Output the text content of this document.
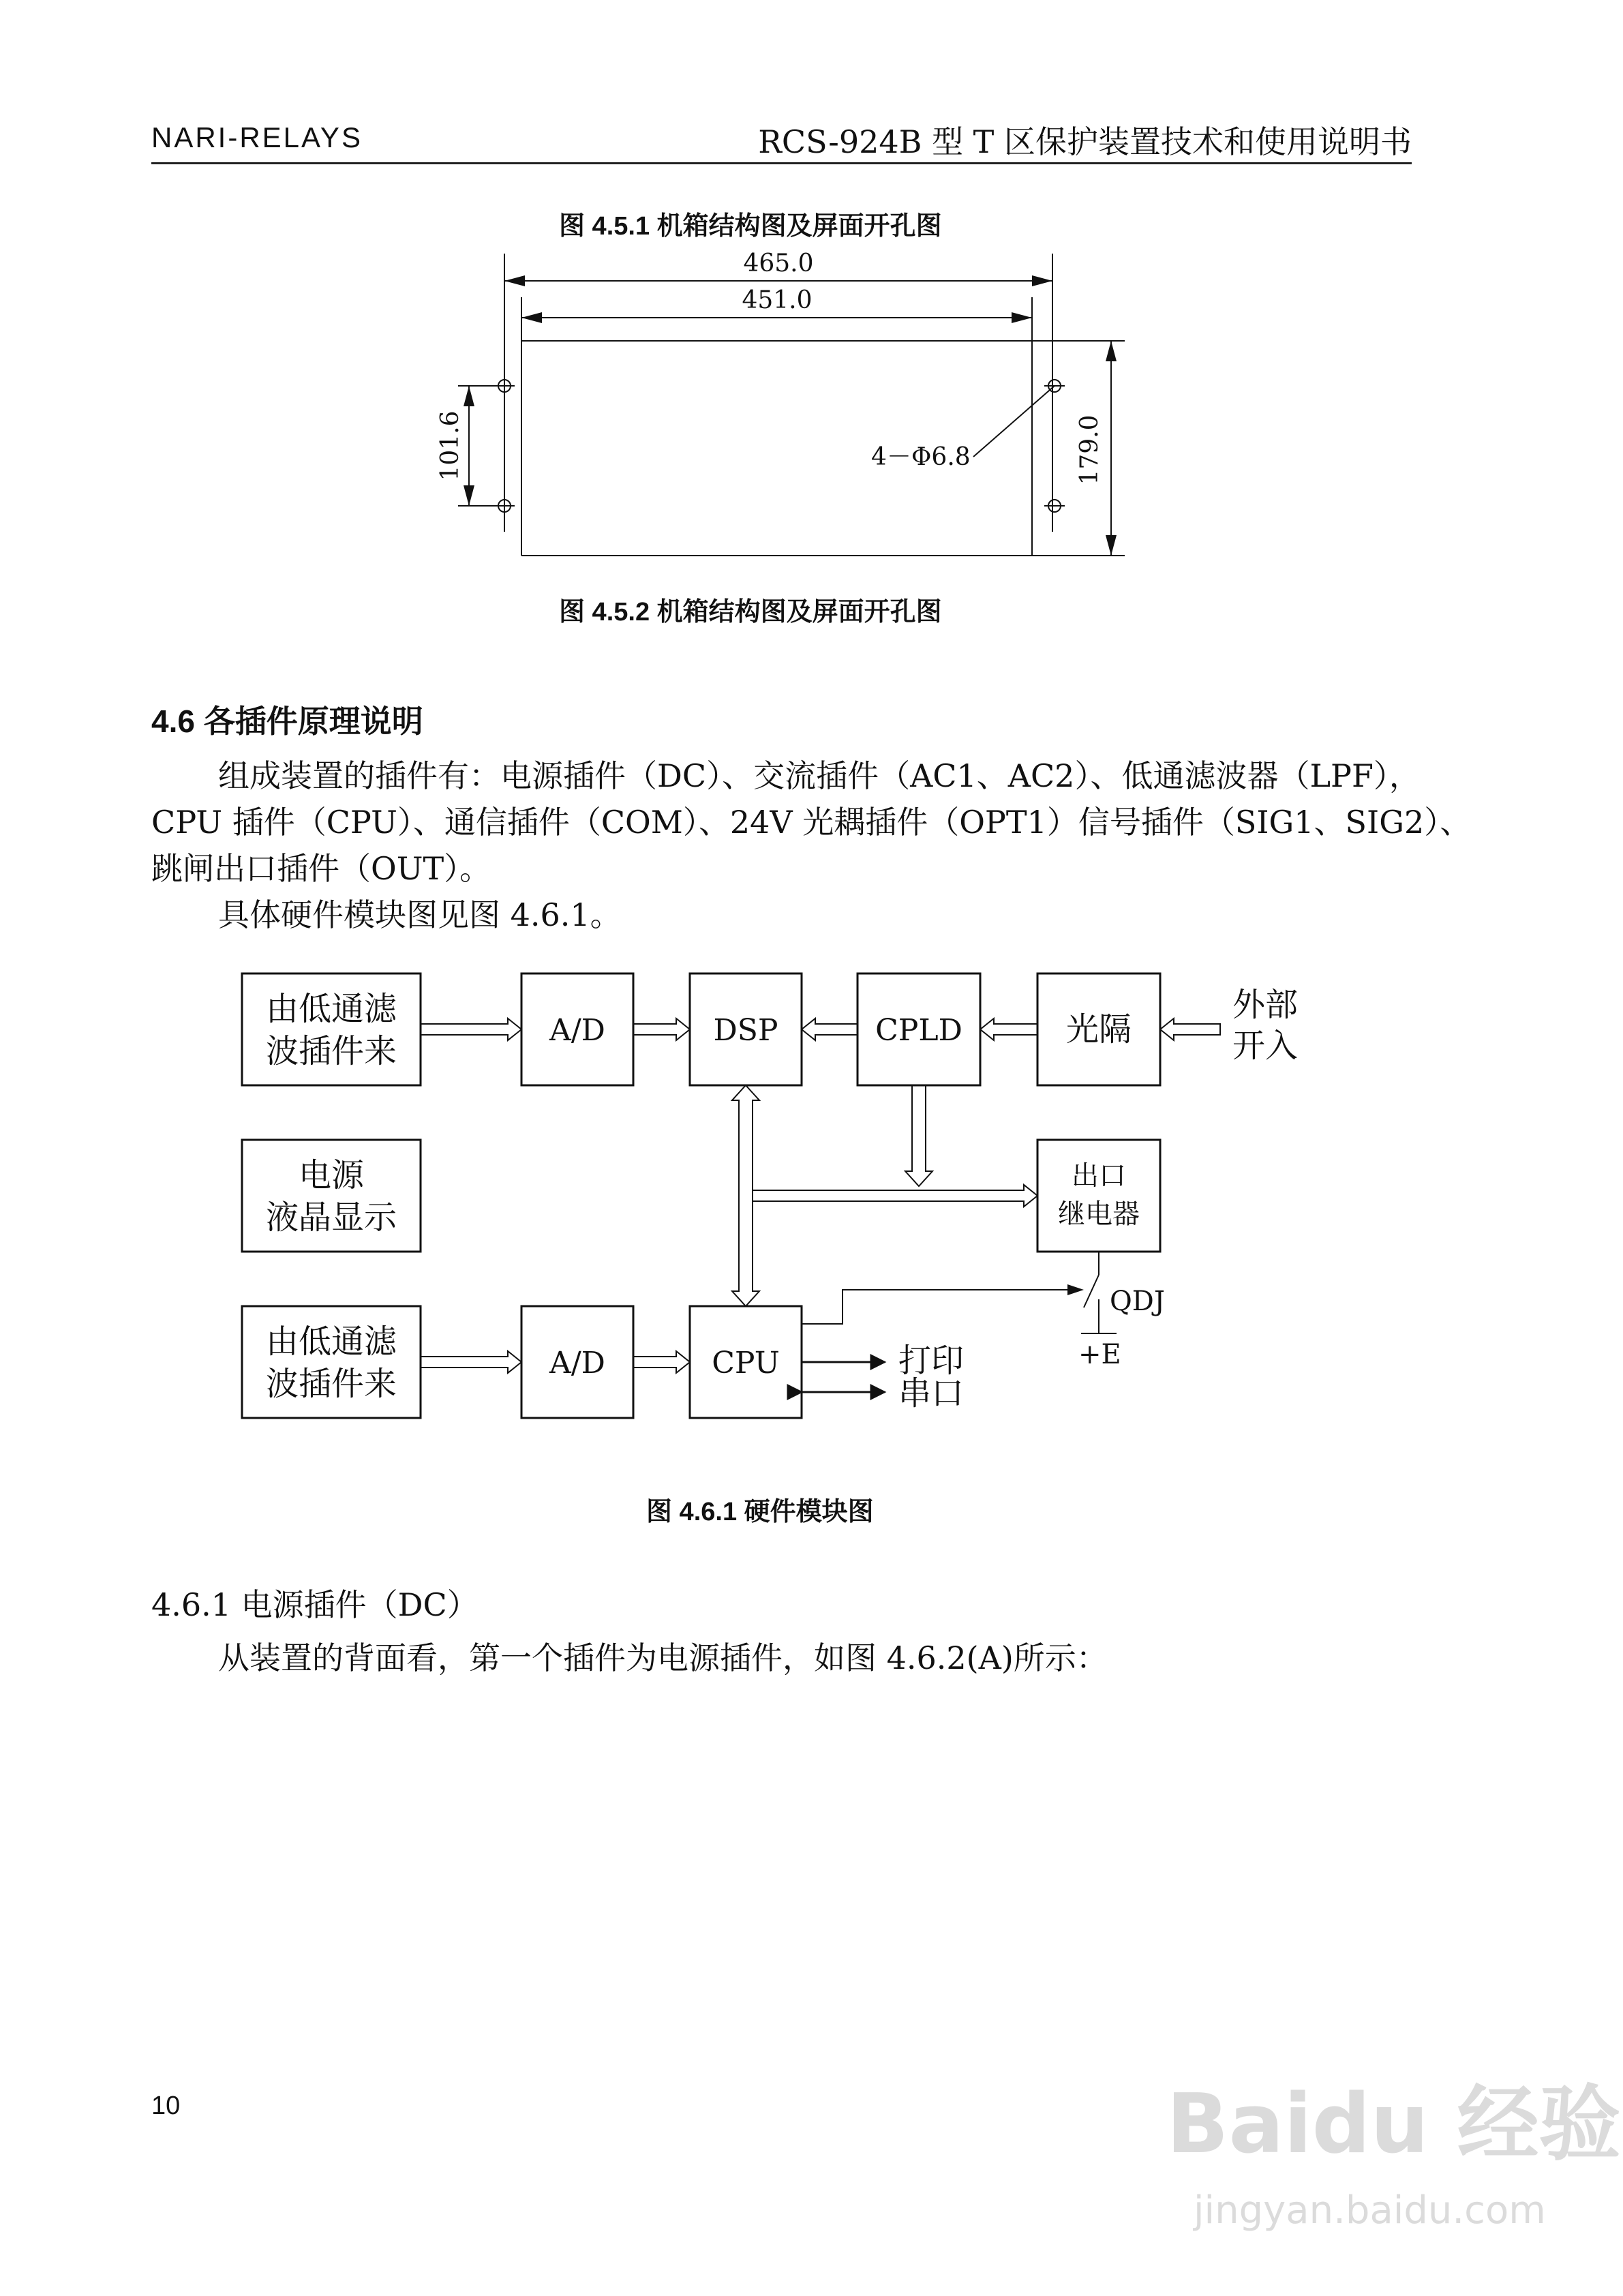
NARI-RELAYS	RCS-924B 型 T 区保护装置技术和使用说明书
图 4.5.1 机箱结构图及屏面开孔图
图 4.5.2 机箱结构图及屏面开孔图
465.0
451.0
101.6	179.0
4－Φ6.8
4.6 各插件原理说明
组成装置的插件有：电源插件（DC）、交流插件（AC1、AC2）、低通滤波器（LPF），
CPU 插件（CPU）、通信插件（COM）、24V 光耦插件（OPT1）信号插件（SIG1、SIG2）、
跳闸出口插件（OUT）。
具体硬件模块图见图 4.6.1。
由低通滤
波插件来
A/D	DSP	CPLD	光隔
外部
开入
电源
液晶显示
出口
继电器
由低通滤
波插件来
A/D	CPU	打印
串口
QDJ
+E
图 4.6.1 硬件模块图
4.6.1 电源插件（DC）
从装置的背面看，第一个插件为电源插件，如图 4.6.2(A)所示：
10	Baidu 经验
jingyan.baidu.com
